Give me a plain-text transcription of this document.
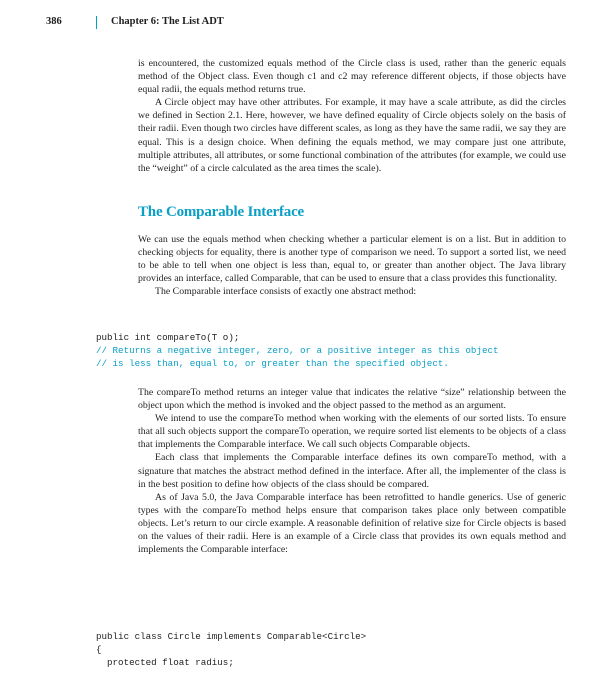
386	Chapter 6: The List ADT

is encountered, the customized equals method of the Circle class is used, rather than the generic equals method of the Object class. Even though c1 and c2 may reference different objects, if those objects have equal radii, the equals method returns true.

A Circle object may have other attributes. For example, it may have a scale attribute, as did the circles we defined in Section 2.1. Here, however, we have defined equality of Circle objects solely on the basis of their radii. Even though two circles have different scales, as long as they have the same radii, we say they are equal. This is a design choice. When defining the equals method, we may compare just one attribute, multiple attributes, all attributes, or some functional combination of the attributes (for example, we could use the “weight” of a circle calculated as the area times the scale).

The Comparable Interface

We can use the equals method when checking whether a particular element is on a list. But in addition to checking objects for equality, there is another type of comparison we need. To support a sorted list, we need to be able to tell when one object is less than, equal to, or greater than another object. The Java library provides an interface, called Comparable, that can be used to ensure that a class provides this functionality.

The Comparable interface consists of exactly one abstract method:

public int compareTo(T o);
// Returns a negative integer, zero, or a positive integer as this object
// is less than, equal to, or greater than the specified object.

The compareTo method returns an integer value that indicates the relative “size” relationship between the object upon which the method is invoked and the object passed to the method as an argument.

We intend to use the compareTo method when working with the elements of our sorted lists. To ensure that all such objects support the compareTo operation, we require sorted list elements to be objects of a class that implements the Comparable interface. We call such objects Comparable objects.

Each class that implements the Comparable interface defines its own compareTo method, with a signature that matches the abstract method defined in the interface. After all, the implementer of the class is in the best position to define how objects of the class should be compared.

As of Java 5.0, the Java Comparable interface has been retrofitted to handle generics. Use of generic types with the compareTo method helps ensure that comparison takes place only between compatible objects. Let’s return to our circle example. A reasonable definition of relative size for Circle objects is based on the values of their radii. Here is an example of a Circle class that provides its own equals method and implements the Comparable interface:

public class Circle implements Comparable<Circle>
{
protected float radius;
